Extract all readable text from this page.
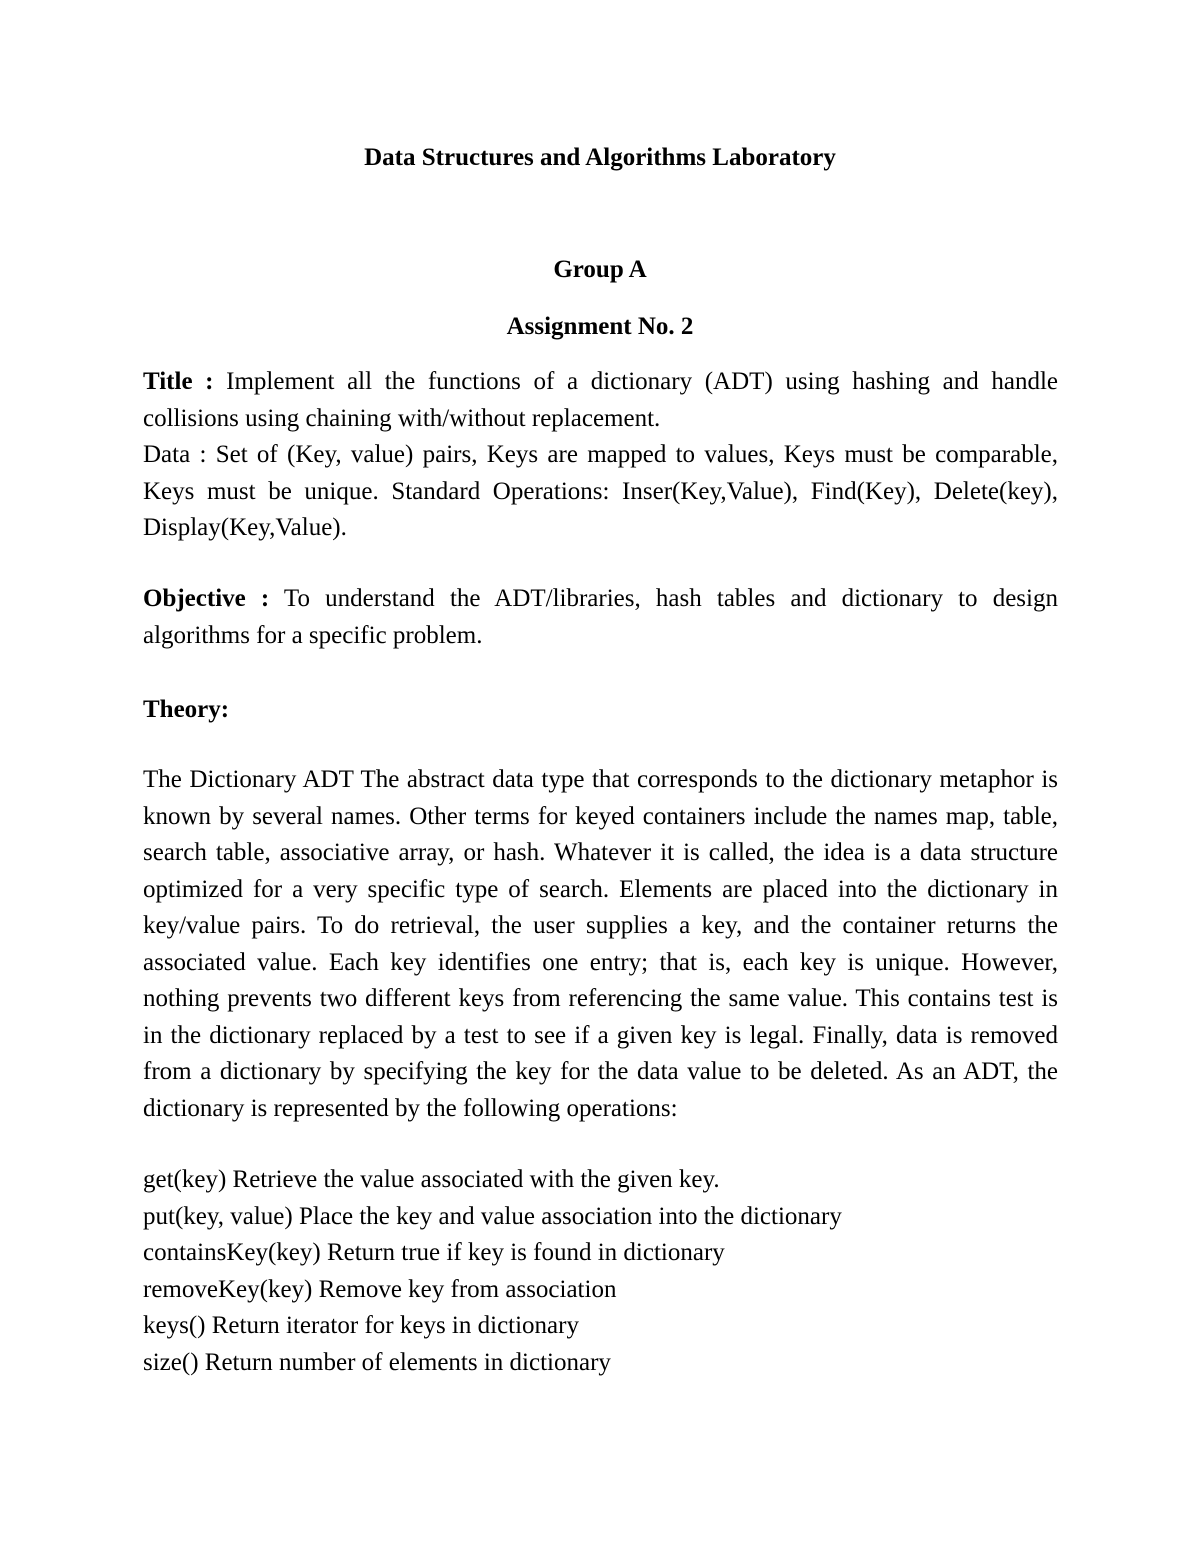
Data Structures and Algorithms Laboratory
Group A
Assignment No. 2

Title : Implement all the functions of a dictionary (ADT) using hashing and handle collisions using chaining with/without replacement.

Data : Set of (Key, value) pairs, Keys are mapped to values, Keys must be comparable, Keys must be unique. Standard Operations: Inser(Key,Value), Find(Key), Delete(key), Display(Key,Value).

Objective : To understand the ADT/libraries, hash tables and dictionary to design algorithms for a specific problem.

Theory:

The Dictionary ADT The abstract data type that corresponds to the dictionary metaphor is known by several names. Other terms for keyed containers include the names map, table, search table, associative array, or hash. Whatever it is called, the idea is a data structure optimized for a very specific type of search. Elements are placed into the dictionary in key/value pairs. To do retrieval, the user supplies a key, and the container returns the associated value. Each key identifies one entry; that is, each key is unique. However, nothing prevents two different keys from referencing the same value. This contains test is in the dictionary replaced by a test to see if a given key is legal. Finally, data is removed from a dictionary by specifying the key for the data value to be deleted. As an ADT, the dictionary is represented by the following operations:

get(key) Retrieve the value associated with the given key.
put(key, value) Place the key and value association into the dictionary
containsKey(key) Return true if key is found in dictionary
removeKey(key) Remove key from association
keys() Return iterator for keys in dictionary
size() Return number of elements in dictionary
